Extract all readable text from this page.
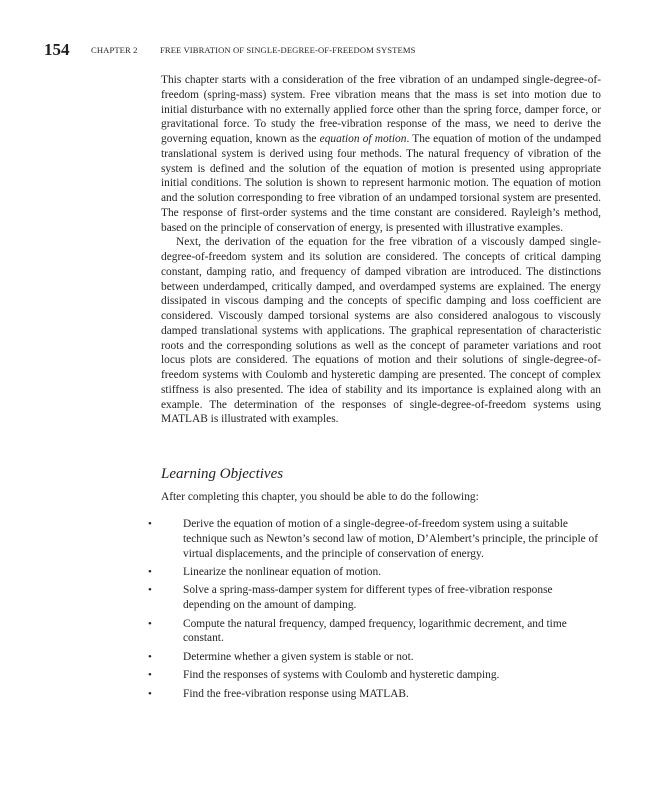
154	CHAPTER 2	FREE VIBRATION OF SINGLE-DEGREE-OF-FREEDOM SYSTEMS

This chapter starts with a consideration of the free vibration of an undamped single-degree-of-freedom (spring-mass) system. Free vibration means that the mass is set into motion due to initial disturbance with no externally applied force other than the spring force, damper force, or gravitational force. To study the free-vibration response of the mass, we need to derive the governing equation, known as the equation of motion. The equation of motion of the undamped translational system is derived using four methods. The natural frequency of vibration of the system is defined and the solution of the equation of motion is presented using appropriate initial conditions. The solution is shown to represent harmonic motion. The equation of motion and the solution corresponding to free vibration of an undamped torsional system are presented. The response of first-order systems and the time constant are considered. Rayleigh’s method, based on the principle of conservation of energy, is presented with illustrative examples.

Next, the derivation of the equation for the free vibration of a viscously damped single-degree-of-freedom system and its solution are considered. The concepts of critical damping constant, damping ratio, and frequency of damped vibration are introduced. The distinctions between underdamped, critically damped, and overdamped systems are explained. The energy dissipated in viscous damping and the concepts of specific damping and loss coefficient are considered. Viscously damped torsional systems are also considered analogous to viscously damped translational systems with applications. The graphical representation of characteristic roots and the corresponding solutions as well as the concept of parameter variations and root locus plots are considered. The equations of motion and their solutions of single-degree-of-freedom systems with Coulomb and hysteretic damping are presented. The concept of complex stiffness is also presented. The idea of stability and its importance is explained along with an example. The determination of the responses of single-degree-of-freedom systems using MATLAB is illustrated with examples.

Learning Objectives

After completing this chapter, you should be able to do the following:

•	Derive the equation of motion of a single-degree-of-freedom system using a suitable technique such as Newton’s second law of motion, D’Alembert’s principle, the principle of virtual displacements, and the principle of conservation of energy.
•	Linearize the nonlinear equation of motion.
•	Solve a spring-mass-damper system for different types of free-vibration response depending on the amount of damping.
•	Compute the natural frequency, damped frequency, logarithmic decrement, and time constant.
•	Determine whether a given system is stable or not.
•	Find the responses of systems with Coulomb and hysteretic damping.
•	Find the free-vibration response using MATLAB.
